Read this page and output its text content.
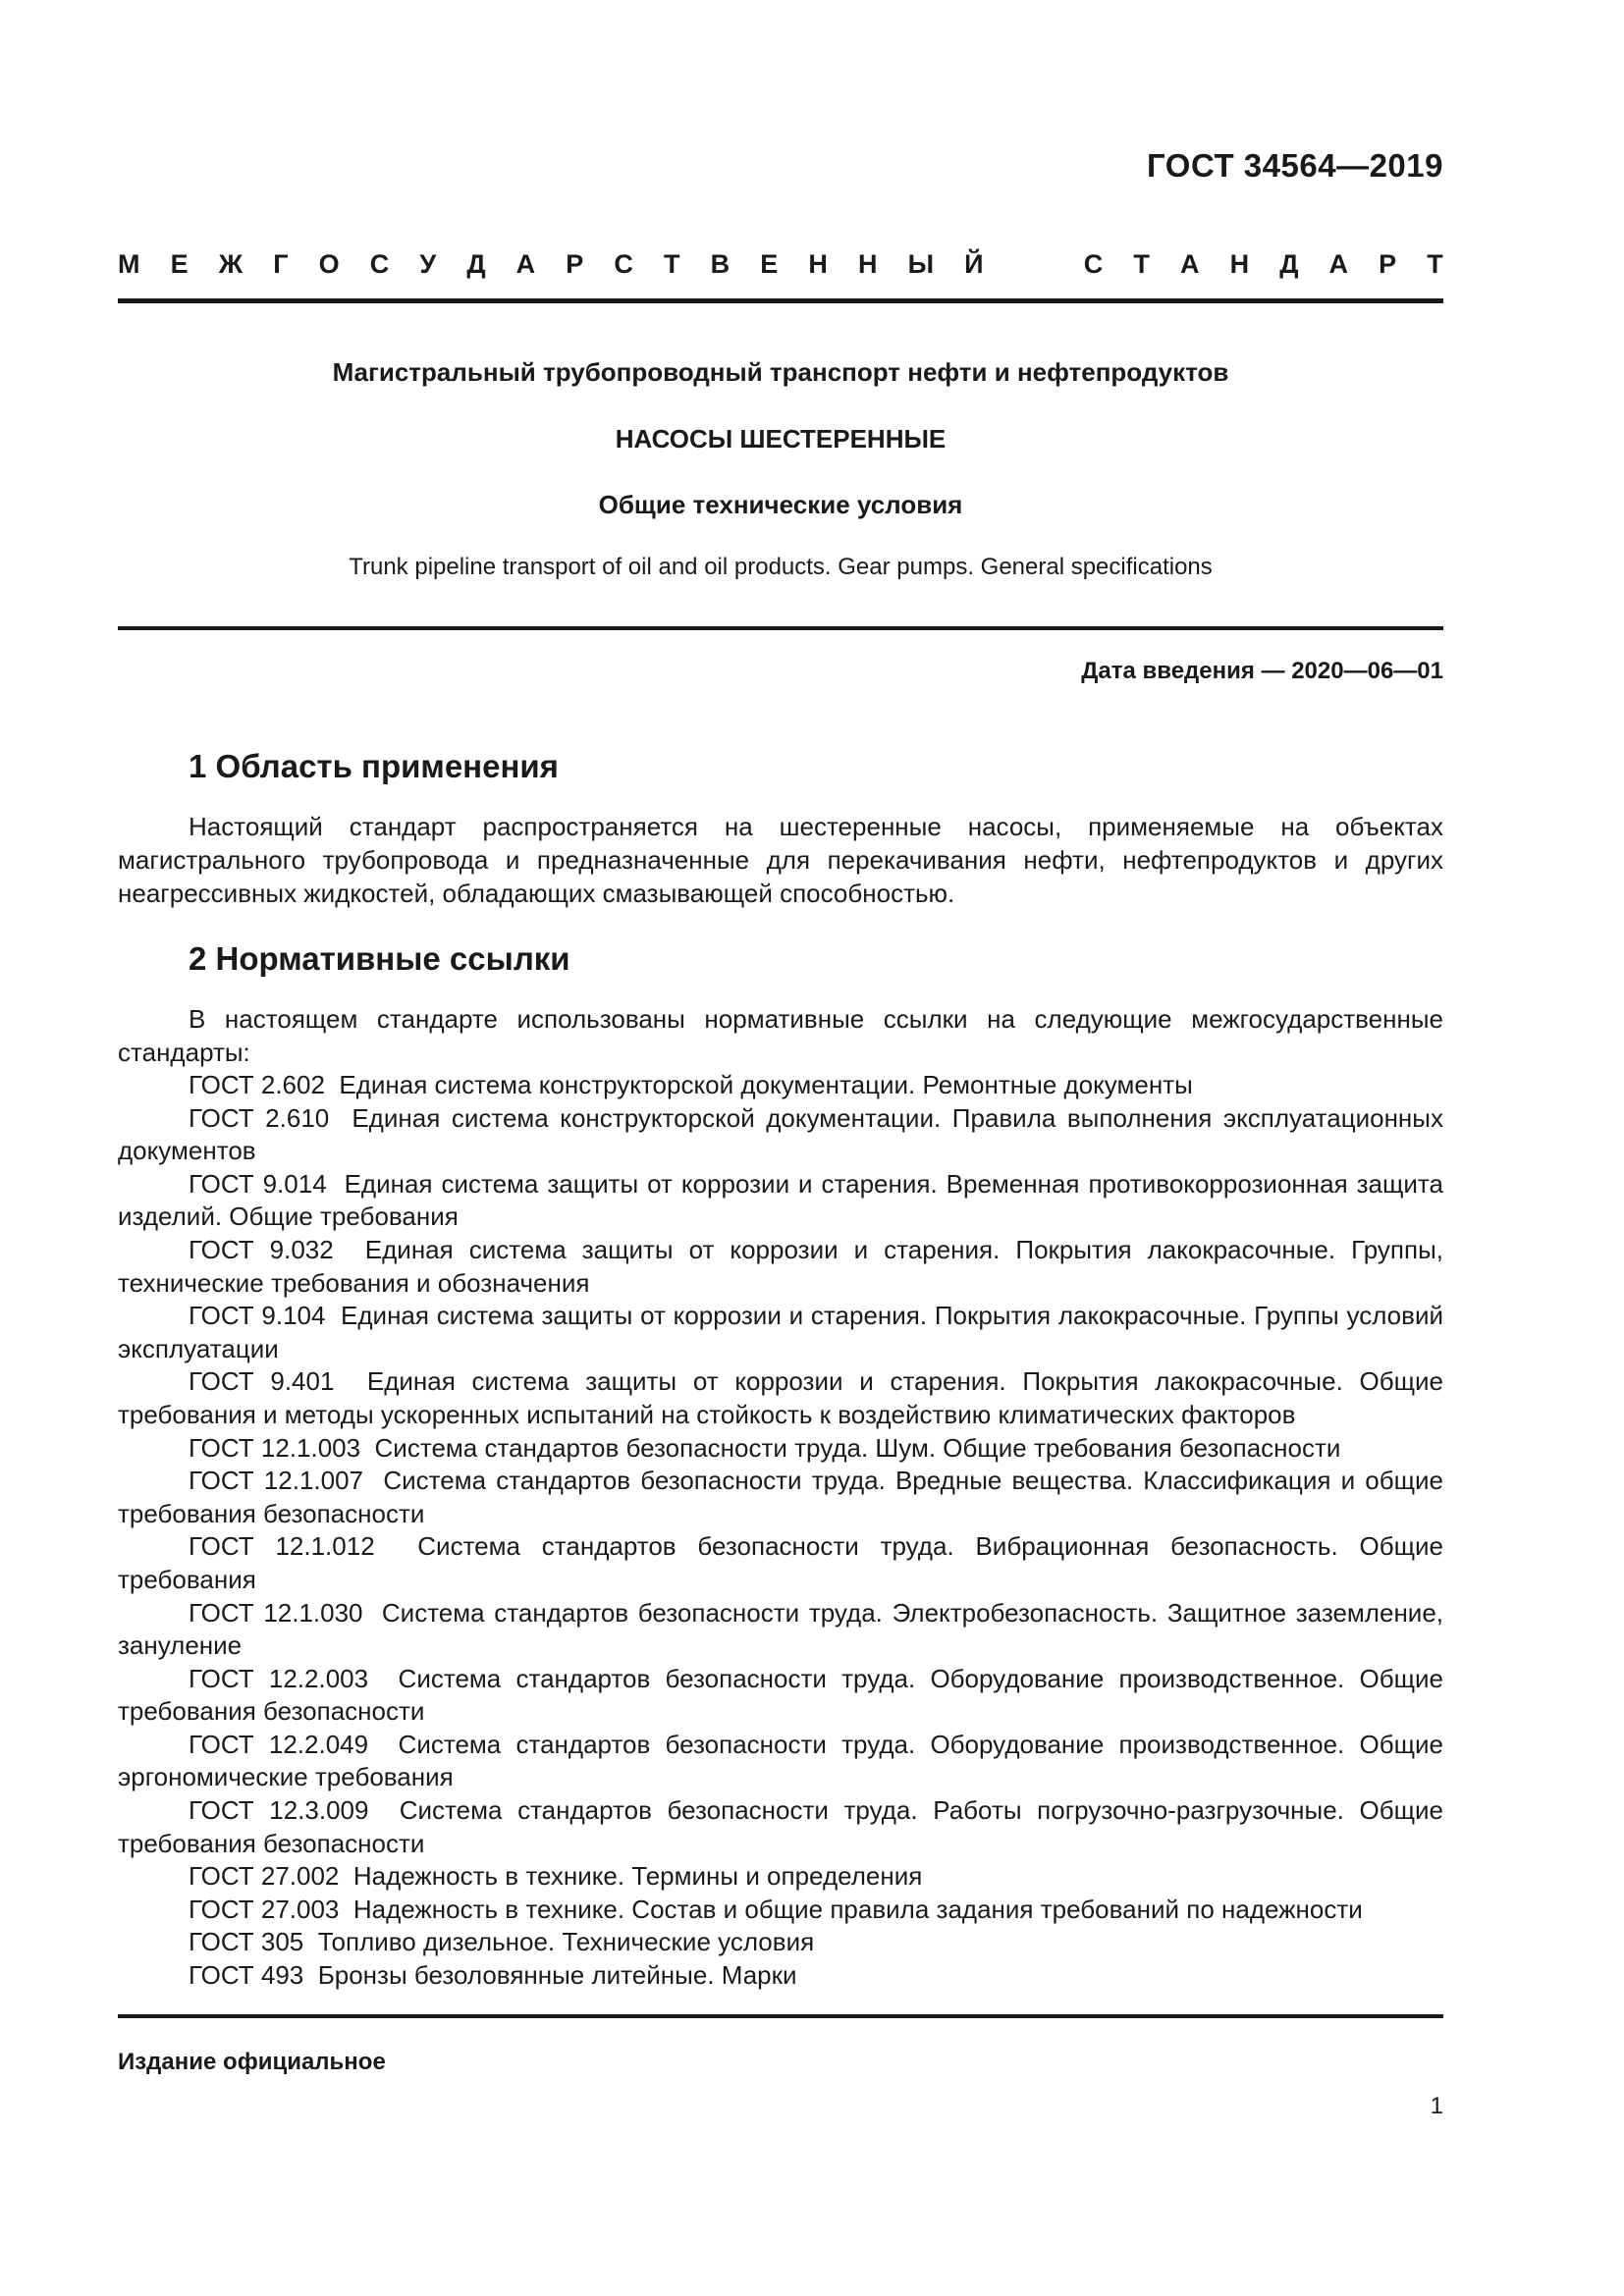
ГОСТ 34564—2019
М Е Ж Г О С У Д А Р С Т В Е Н Н Ы Й	С Т А Н Д А Р Т
Магистральный трубопроводный транспорт нефти и нефтепродуктов
НАСОСЫ ШЕСТЕРЕННЫЕ
Общие технические условия
Trunk pipeline transport of oil and oil products. Gear pumps. General specifications
Дата введения — 2020—06—01
1 Область применения

Настоящий стандарт распространяется на шестеренные насосы, применяемые на объектах магистрального трубопровода и предназначенные для перекачивания нефти, нефтепродуктов и других неагрессивных жидкостей, обладающих смазывающей способностью.

2 Нормативные ссылки

В настоящем стандарте использованы нормативные ссылки на следующие межгосударственные стандарты:

ГОСТ 2.602 Единая система конструкторской документации. Ремонтные документы

ГОСТ 2.610 Единая система конструкторской документации. Правила выполнения эксплуатационных документов

ГОСТ 9.014 Единая система защиты от коррозии и старения. Временная противокоррозионная защита изделий. Общие требования

ГОСТ 9.032 Единая система защиты от коррозии и старения. Покрытия лакокрасочные. Группы, технические требования и обозначения

ГОСТ 9.104 Единая система защиты от коррозии и старения. Покрытия лакокрасочные. Группы условий эксплуатации

ГОСТ 9.401 Единая система защиты от коррозии и старения. Покрытия лакокрасочные. Общие требования и методы ускоренных испытаний на стойкость к воздействию климатических факторов

ГОСТ 12.1.003 Система стандартов безопасности труда. Шум. Общие требования безопасности

ГОСТ 12.1.007 Система стандартов безопасности труда. Вредные вещества. Классификация и общие требования безопасности

ГОСТ 12.1.012 Система стандартов безопасности труда. Вибрационная безопасность. Общие требования

ГОСТ 12.1.030 Система стандартов безопасности труда. Электробезопасность. Защитное заземление, зануление

ГОСТ 12.2.003 Система стандартов безопасности труда. Оборудование производственное. Общие требования безопасности

ГОСТ 12.2.049 Система стандартов безопасности труда. Оборудование производственное. Общие эргономические требования

ГОСТ 12.3.009 Система стандартов безопасности труда. Работы погрузочно-разгрузочные. Общие требования безопасности

ГОСТ 27.002 Надежность в технике. Термины и определения

ГОСТ 27.003 Надежность в технике. Состав и общие правила задания требований по надежности

ГОСТ 305 Топливо дизельное. Технические условия

ГОСТ 493 Бронзы безоловянные литейные. Марки

Издание официальное
1
